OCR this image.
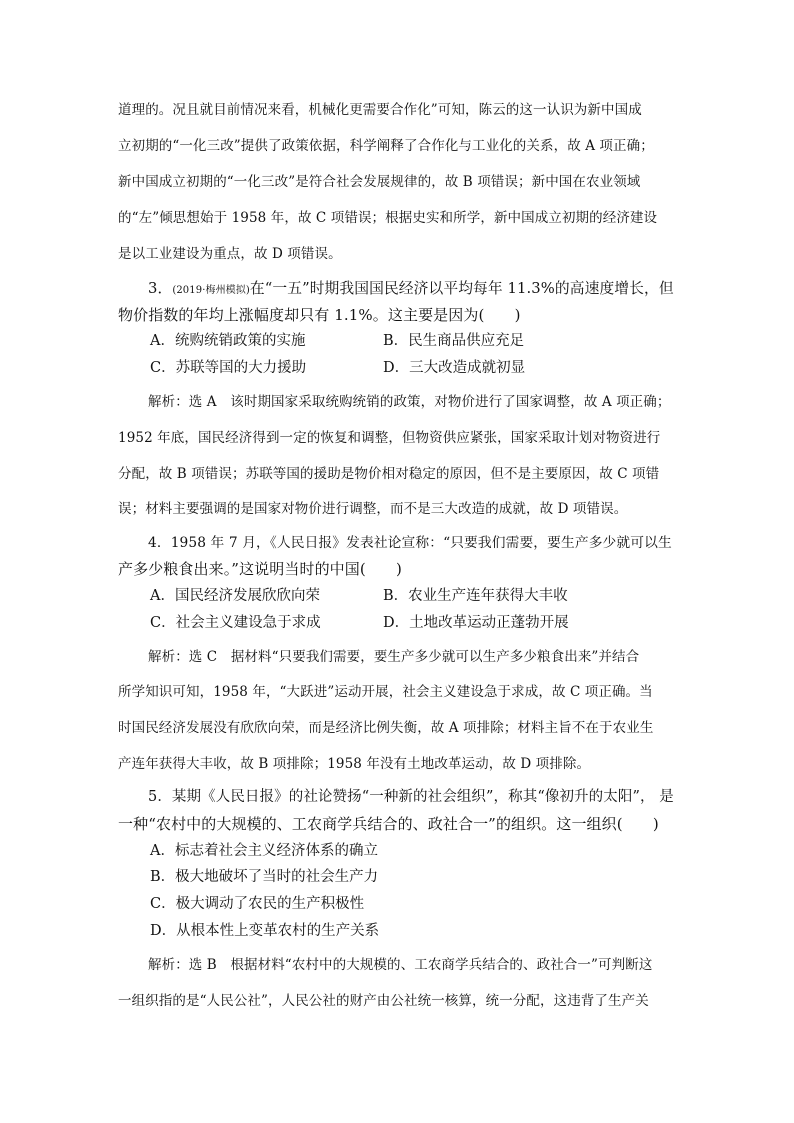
道理的。况且就目前情况来看，机械化更需要合作化”可知，陈云的这一认识为新中国成
立初期的“一化三改”提供了政策依据，科学阐释了合作化与工业化的关系，故 A 项正确；
新中国成立初期的“一化三改”是符合社会发展规律的，故 B 项错误；新中国在农业领域
的“左”倾思想始于 1958 年，故 C 项错误；根据史实和所学，新中国成立初期的经济建设
是以工业建设为重点，故 D 项错误。
3．(2019·梅州模拟)在“一五”时期我国国民经济以平均每年 11.3%的高速度增长，但
物价指数的年均上涨幅度却只有 1.1%。这主要是因为(　　)
A．统购统销政策的实施	B．民生商品供应充足
C．苏联等国的大力援助	D．三大改造成就初显
解析：选 A　该时期国家采取统购统销的政策，对物价进行了国家调整，故 A 项正确；
1952 年底，国民经济得到一定的恢复和调整，但物资供应紧张，国家采取计划对物资进行
分配，故 B 项错误；苏联等国的援助是物价相对稳定的原因，但不是主要原因，故 C 项错
误；材料主要强调的是国家对物价进行调整，而不是三大改造的成就，故 D 项错误。
4．1958 年 7 月，《人民日报》发表社论宣称：“只要我们需要，要生产多少就可以生
产多少粮食出来。”这说明当时的中国(　　)
A．国民经济发展欣欣向荣	B．农业生产连年获得大丰收
C．社会主义建设急于求成	D．土地改革运动正蓬勃开展
解析：选 C　据材料“只要我们需要，要生产多少就可以生产多少粮食出来”并结合
所学知识可知，1958 年，“大跃进”运动开展，社会主义建设急于求成，故 C 项正确。当
时国民经济发展没有欣欣向荣，而是经济比例失衡，故 A 项排除；材料主旨不在于农业生
产连年获得大丰收，故 B 项排除；1958 年没有土地改革运动，故 D 项排除。
5．某期《人民日报》的社论赞扬“一种新的社会组织”，称其“像初升的太阳”， 是
一种“农村中的大规模的、工农商学兵结合的、政社合一”的组织。这一组织(　　)
A．标志着社会主义经济体系的确立
B．极大地破坏了当时的社会生产力
C．极大调动了农民的生产积极性
D．从根本性上变革农村的生产关系
解析：选 B　根据材料“农村中的大规模的、工农商学兵结合的、政社合一”可判断这
一组织指的是“人民公社”，人民公社的财产由公社统一核算，统一分配，这违背了生产关
